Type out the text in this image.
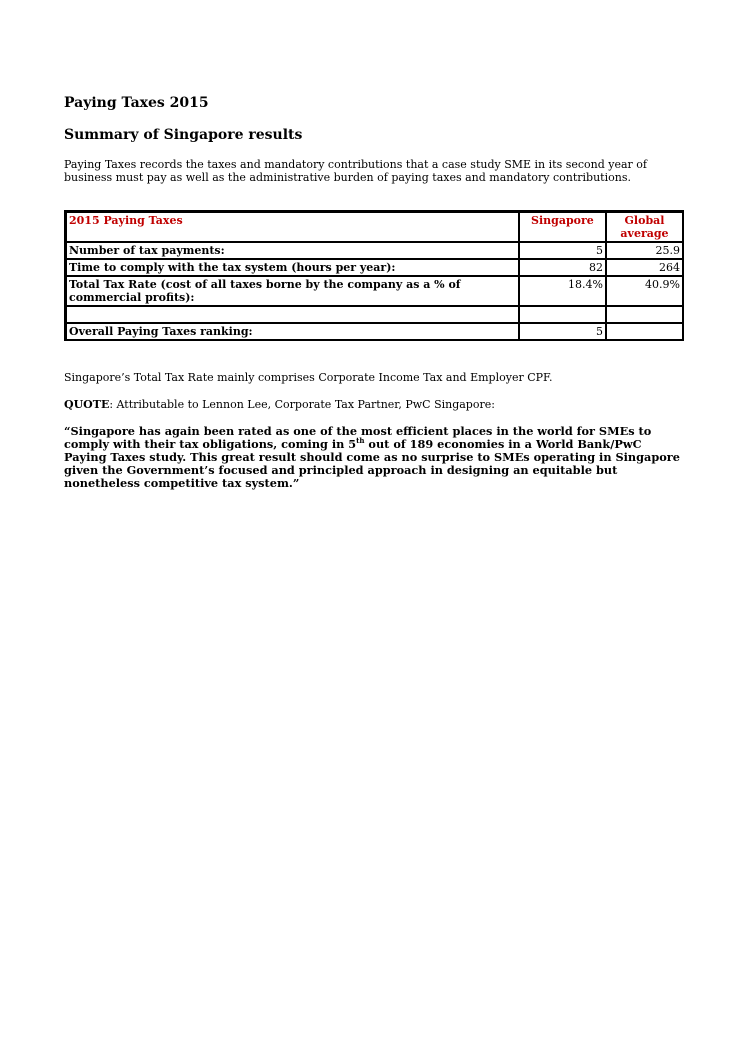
Paying Taxes 2015
Summary of Singapore results

Paying Taxes records the taxes and mandatory contributions that a case study SME in its second year of business must pay as well as the administrative burden of paying taxes and mandatory contributions.

2015 Paying Taxes	Singapore	Global average
Number of tax payments:	5	25.9
Time to comply with the tax system (hours per year):	82	264
Total Tax Rate (cost of all taxes borne by the company as a % of commercial profits):	18.4%	40.9%

Overall Paying Taxes ranking:	5	

Singapore’s Total Tax Rate mainly comprises Corporate Income Tax and Employer CPF.

QUOTE: Attributable to Lennon Lee, Corporate Tax Partner, PwC Singapore:

“Singapore has again been rated as one of the most efficient places in the world for SMEs to comply with their tax obligations, coming in 5th out of 189 economies in a World Bank/PwC Paying Taxes study. This great result should come as no surprise to SMEs operating in Singapore given the Government’s focused and principled approach in designing an equitable but nonetheless competitive tax system.”
